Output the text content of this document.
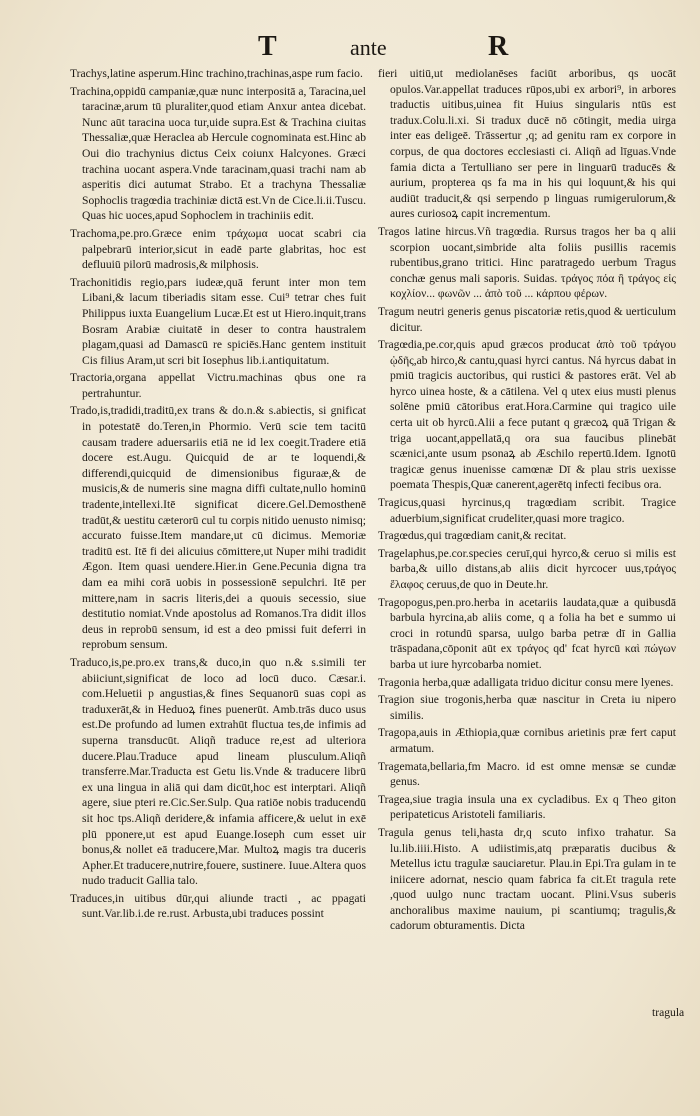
T	ante	R
Trachys,latine asperum.Hinc trachino,trachinas,aspe rum facio.
Trachina,oppidū campaniæ,quæ nunc interpositā a, Taracina,uel taracinæ,arum tū pluraliter,quod etiam Anxur antea dicebat. Nunc aūt taracina uoca tur,uide supra.Est & Trachina ciuitas Thessaliæ,quæ Heraclea ab Hercule cognominata est.Hinc ab Oui dio trachynius dictus Ceix coiunx Halcyones. Græci trachina uocant aspera.Vnde taracinam,quasi trachi nam ab asperitis dici autumat Strabo. Et a trachyna Thessaliæ Sophoclis tragœdia trachiniæ dictā est.Vn de Cice.li.ii.Tuscu. Quas hic uoces,apud Sophoclem in trachiniis edit.
Trachoma,pe.pro.Græce enim τράχωμα uocat scabri cia palpebrarū interior,sicut in eadē parte glabritas, hoc est defluuiū pilorū madrosis,& milphosis.
Trachonitidis regio,pars iudeæ,quā ferunt inter mon tem Libani,& lacum tiberiadis sitam esse. Cui⁹ tetrar ches fuit Philippus iuxta Euangelium Lucæ.Et est ut Hiero.inquit,trans Bosram Arabiæ ciuitatē in deser to contra haustralem plagam,quasi ad Damascū re spiciēs.Hanc gentem instituit Cis filius Aram,ut scri bit Iosephus lib.i.antiquitatum.
Tractoria,organa appellat Victru.machinas qbus one ra pertrahuntur.
Trado,is,tradidi,traditū,ex trans & do.n.& s.abiectis, si gnificat in potestatē do.Teren,in Phormio. Verū scie tem tacitū causam tradere aduersariis etiā ne id lex coegit.Tradere etiā docere est.Augu. Quicquid de ar te loquendi,& differendi,quicquid de dimensionibus figuraæ,& de musicis,& de numeris sine magna diffi cultate,nullo hominū tradente,intellexi.Itē significat dicere.Gel.Demosthenē tradūt,& uestitu cæterorū cul tu corpis nitido uenusto nimisq; accurato fuisse.Item mandare,ut cū dicimus. Memoriæ traditū est. Itē fi dei alicuius cōmittere,ut Nuper mihi tradidit Ægon. Item quasi uendere.Hier.in Gene.Pecunia digna tra dam ea mihi corā uobis in possessionē sepulchri. Itē per mittere,nam in sacris literis,dei a quouis secessio, siue destitutio nomiat.Vnde apostolus ad Romanos.Tra didit illos deus in reprobū sensum, id est a deo pmissi fuit deferri in reprobum sensum.
Traduco,is,pe.pro.ex trans,& duco,in quo n.& s.simili ter abiiciunt,significat de loco ad locū duco. Cæsar.i. com.Heluetii p angustias,& fines Sequanorū suas copi as traduxerāt,& in Heduoꝝ fines puenerūt. Amb.trās duco usus est.De profundo ad lumen extrahūt fluctua tes,de infimis ad superna transducūt. Aliqñ traduce re,est ad ulteriora ducere.Plau.Traduce apud lineam plusculum.Aliqñ transferre.Mar.Traducta est Getu lis.Vnde & traducere librū ex una lingua in aliā qui dam dicūt,hoc est interptari. Aliqñ agere, siue pteri re.Cic.Ser.Sulp. Qua ratiōe nobis traducendū sit hoc tps.Aliqñ deridere,& infamia afficere,& uelut in exē plū pponere,ut est apud Euange.Ioseph cum esset uir bonus,& nollet eā traducere,Mar. Multoꝝ magis tra duceris Apher.Et traducere,nutrire,fouere, sustinere. Iuue.Altera quos nudo traducit Gallia talo.
Traduces,in uitibus dūr,qui aliunde tracti , ac ppagati sunt.Var.lib.i.de re.rust. Arbusta,ubi traduces possint
fieri uitiū,ut mediolanēses faciūt arboribus, qs uocāt opulos.Var.appellat traduces rūpos,ubi ex arbori⁹, in arbores traductis uitibus,uinea fit Huius singularis ntūs est tradux.Colu.li.xi. Si tradux ducē nō cōtingit, media uirga inter eas deligeē. Trāssertur ,q; ad genitu ram ex corpore in corpus, de qua doctores ecclesiasti ci. Aliqñ ad līguas.Vnde famia dicta a Tertulliano ser pere in linguarū traducēs & aurium, propterea qs fa ma in his qui loquunt,& his qui audiūt traducit,& qsi serpendo p linguas rumigerulorum,& aures curiosoꝝ capit incrementum.
Tragos latine hircus.Vñ tragœdia. Rursus tragos her ba q alii scorpion uocant,simbride alta foliis pusillis racemis rubentibus,grano tritici. Hinc paratragedo uerbum Tragus conchæ genus mali saporis. Suidas. τράγος πόα ἢ τράγος εἰς κοχλίον... φωνῶν ... ἀπὸ τοῦ ... κάρπου φέρων.
Tragum neutri generis genus piscatoriæ retis,quod & uerticulum dicitur.
Tragœdia,pe.cor,quis apud græcos producat ἀπὸ τοῦ τράγου ᾠδῆς,ab hirco,& cantu,quasi hyrci cantus. Ná hyrcus dabat in pmiū tragicis auctoribus, qui rustici & pastores erāt. Vel ab hyrco uinea hoste, & a cātilena. Vel q utex eius musti plenus solēne pmiū cātoribus erat.Hora.Carmine qui tragico uile certa uit ob hyrcū.Alii a fece putant q græcoꝝ quā Trigan & triga uocant,appellatā,q ora sua faucibus plinebāt scænici,ante usum psonaꝝ ab Æschilo repertū.Idem. Ignotū tragicæ genus inuenisse camœnæ Dī & plau stris uexisse poemata Thespis,Quæ canerent,agerētq infecti fecibus ora.
Tragicus,quasi hyrcinus,q tragœdiam scribit. Tragice aduerbium,significat crudeliter,quasi more tragico.
Tragœdus,qui tragœdiam canit,& recitat.
Tragelaphus,pe.cor.species ceruī,qui hyrco,& ceruo si milis est barba,& uillo distans,ab aliis dicit hyrcocer uus,τράγος ἔλαφος ceruus,de quo in Deute.hr.
Tragopogus,pen.pro.herba in acetariis laudata,quæ a quibusdā barbula hyrcina,ab aliis come, q a folia ha bet e summo ui croci in rotundū sparsa, uulgo barba petræ dī in Gallia trāspadana,cōponit aūt ex τράγος qd' fcat hyrcū καὶ πώγων barba ut iure hyrcobarba nomiet.
Tragonia herba,quæ adalligata triduo dicitur consu mere lyenes.
Tragion siue trogonis,herba quæ nascitur in Creta iu nipero similis.
Tragopa,auis in Æthiopia,quæ cornibus arietinis præ fert caput armatum.
Tragemata,bellaria,fm Macro. id est omne mensæ se cundæ genus.
Tragea,siue tragia insula una ex cycladibus. Ex q Theo giton peripateticus Aristoteli familiaris.
Tragula genus teli,hasta dr,q scuto infixo trahatur. Sa lu.lib.iiii.Histo. A udiistimis,atq præparatis ducibus & Metellus ictu tragulæ sauciaretur. Plau.in Epi.Tra gulam in te iniicere adornat, nescio quam fabrica fa cit.Et tragula rete ,quod uulgo nunc tractam uocant. Plini.Vsus suberis anchoralibus maxime nauium, pi scantiumq; tragulis,& cadorum obturamentis. Dicta
tragula
